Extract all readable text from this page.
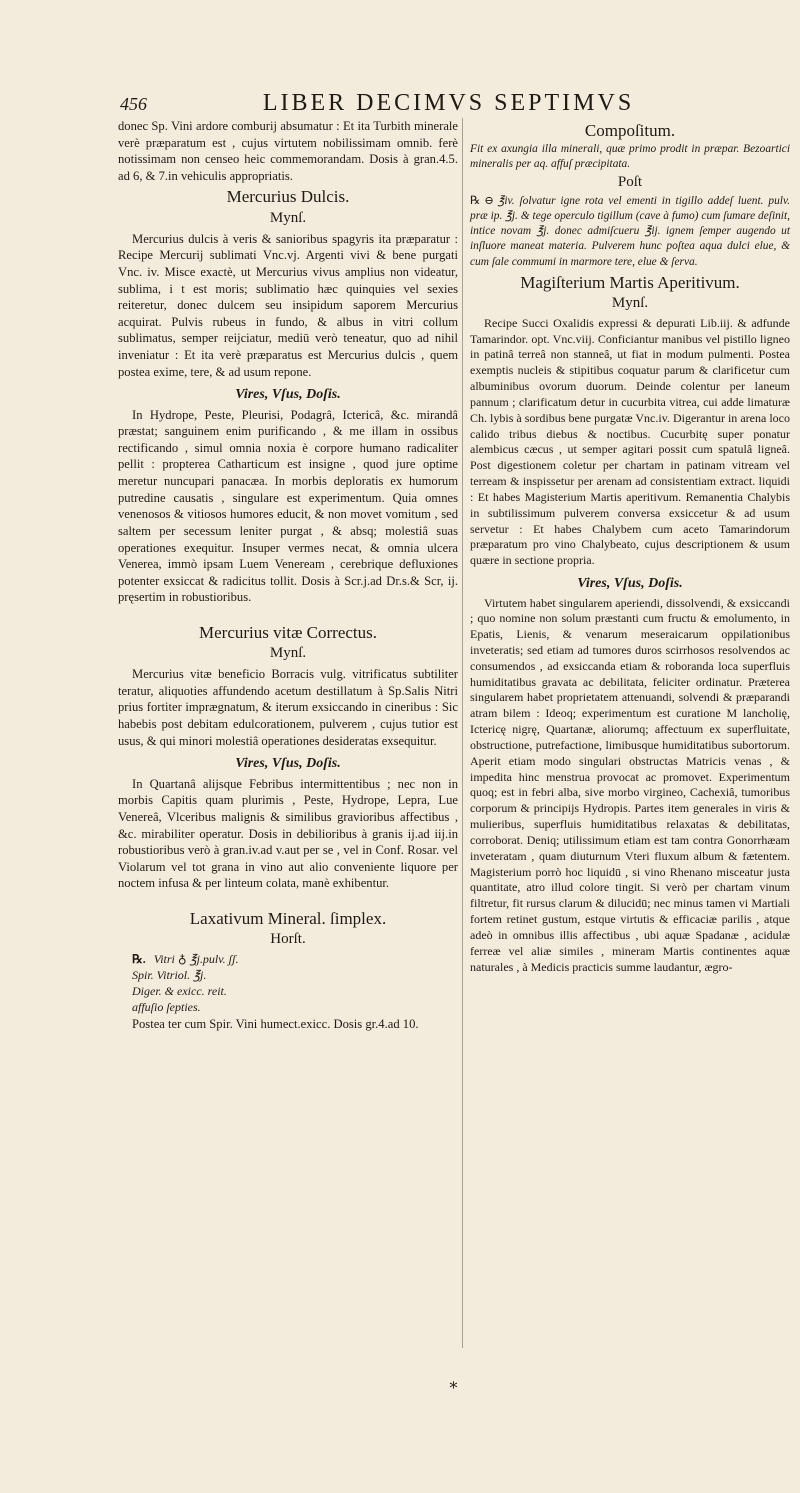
456	LIBER DECIMVS SEPTIMVS

donec Sp. Vini ardore comburij absumatur : Et ita Turbith minerale verè præparatum est , cujus virtutem nobilissimam omnib. ferè notissimam non censeo heic commemorandam. Dosis à gran.4.5. ad 6, & 7.in vehiculis appropriatis.

Mercurius Dulcis.

Mynſ.

Mercurius dulcis à veris & sanioribus spagyris ita præparatur : Recipe Mercurij sublimati Vnc.vj. Argenti vivi & bene purgati Vnc. iv. Misce exactè, ut Mercurius vivus amplius non videatur, sublima, i t est moris; sublimatio hæc quinquies vel sexies reiteretur, donec dulcem seu insipidum saporem Mercurius acquirat. Pulvis rubeus in fundo, & albus in vitri collum sublimatus, semper reijciatur, mediū verò teneatur, quo ad nihil inveniatur : Et ita verè præparatus est Mercurius dulcis , quem postea exime, tere, & ad usum repone.

Vires, Vſus, Doſis.

In Hydrope, Peste, Pleurisi, Podagrâ, Ictericâ, &c. mirandâ præstat; sanguinem enim purificando , & me illam in ossibus rectificando , simul omnia noxia è corpore humano radicaliter pellit : propterea Catharticum est insigne , quod jure optime meretur nuncupari panacæa. In morbis deploratis ex humorum putredine causatis , singulare est experimentum. Quia omnes venenosos & vitiosos humores educit, & non movet vomitum , sed saltem per secessum leniter purgat , & absq; molestiâ suas operationes exequitur. Insuper vermes necat, & omnia ulcera Venerea, immò ipsam Luem Veneream , cerebrique defluxiones potenter exsiccat & radicitus tollit. Dosis à Scr.j.ad Dr.s.& Scr, ij. pręsertim in robustioribus.

Mercurius vitæ Correctus.

Mynſ.

Mercurius vitæ beneficio Borracis vulg. vitrificatus subtiliter teratur, aliquoties affundendo acetum destillatum à Sp.Salis Nitri prius fortiter imprægnatum, & iterum exsiccando in cineribus : Sic habebis post debitam edulcorationem, pulverem , cujus tutior est usus, & qui minori molestiâ operationes desideratas exsequitur.

Vires, Vſus, Doſis.

In Quartanâ alijsque Febribus intermittentibus ; nec non in morbis Capitis quam plurimis , Peste, Hydrope, Lepra, Lue Venereâ, Vlceribus malignis & similibus gravioribus affectibus , &c. mirabiliter operatur. Dosis in debilioribus à granis ij.ad iij.in robustioribus verò à gran.iv.ad v.aut per se , vel in Conf. Rosar. vel Violarum vel tot grana in vino aut alio conveniente liquore per noctem infusa & per linteum colata, manè exhibentur.

Laxativum Mineral. ſimplex.

Horſt.

℞. Vitri ♁ ℥j.pulv. ʃʃ.
Spir. Vitriol. ℥j.
Diger. & exicc. reit.
affuſio ſepties.

Postea ter cum Spir. Vini humect.exicc. Dosis gr.4.ad 10.

Compoſitum.

Fit ex axungia illa minerali, quæ primo prodit in præpar. Bezoartici mineralis per aq. affuſ præcipitata.

Poſt

℞ ⊖ ℥iv. ſolvatur igne rota vel ementi in tigillo addeſ luent. pulv. præ ip. ℥j. & tege operculo tigillum (cave à fumo) cum ſumare deſinit, intice novam ℥j. donec admiſcueru ℥ij. ignem ſemper augendo ut inſluore maneat materia. Pulverem hunc poſtea aqua dulci elue, & cum ſale commumi in marmore tere, elue & ſerva.

Magiſterium Martis Aperitivum.

Mynſ.

Recipe Succi Oxalidis expressi & depurati Lib.iij. & adfunde Tamarindor. opt. Vnc.viij. Conficiantur manibus vel pistillo ligneo in patinâ terreâ non stanneâ, ut fiat in modum pulmenti. Postea exemptis nucleis & stipitibus coquatur parum & clarificetur cum albuminibus ovorum duorum. Deinde colentur per laneum pannum ; clarificatum detur in cucurbita vitrea, cui adde limaturæ Ch. lybis à sordibus bene purgatæ Vnc.iv. Digerantur in arena loco calido tribus diebus & noctibus. Cucurbitę super ponatur alembicus cæcus , ut semper agitari possit cum spatulâ ligneâ. Post digestionem coletur per chartam in patinam vitream vel terream & inspissetur per arenam ad consistentiam extract. liquidi : Et habes Magisterium Martis aperitivum. Remanentia Chalybis in subtilissimum pulverem conversa exsiccetur & ad usum servetur : Et habes Chalybem cum aceto Tamarindorum præparatum pro vino Chalybeato, cujus descriptionem & usum quære in sectione propria.

Vires, Vſus, Doſis.

Virtutem habet singularem aperiendi, dissolvendi, & exsiccandi ; quo nomine non solum præstanti cum fructu & emolumento, in Epatis, Lienis, & venarum meseraicarum oppilationibus inveteratis; sed etiam ad tumores duros scirrhosos resolvendos ac consumendos , ad exsiccanda etiam & roboranda loca superfluis humiditatibus gravata ac debilitata, feliciter ordinatur. Præterea singularem habet proprietatem attenuandi, solvendi & præparandi atram bilem : Ideoq; experimentum est curatione M lancholię, Ictericę nigrę, Quartanæ, aliorumq; affectuum ex superfluitate, obstructione, putrefactione, limibusque humiditatibus subortorum. Aperit etiam modo singulari obstructas Matricis venas , & impedita hinc menstrua provocat ac promovet. Experimentum quoq; est in febri alba, sive morbo virgineo, Cachexiâ, tumoribus corporum & principijs Hydropis. Partes item generales in viris & mulieribus, superfluis humiditatibus relaxatas & debilitatas, corroborat. Deniq; utilissimum etiam est tam contra Gonorrhæam inveteratam , quam diuturnum Vteri fluxum album & fætentem. Magisterium porrò hoc liquidū , si vino Rhenano misceatur justa quantitate, atro illud colore tingit. Si verò per chartam vinum filtretur, fit rursus clarum & dilucidū; nec minus tamen vi Martiali fortem retinet gustum, estque virtutis & efficaciæ parilis , atque adeò in omnibus illis affectibus , ubi aquæ Spadanæ , acidulæ ferreæ vel aliæ similes , mineram Martis continentes aquæ naturales , à Medicis practicis summe laudantur, ægro-

∗
